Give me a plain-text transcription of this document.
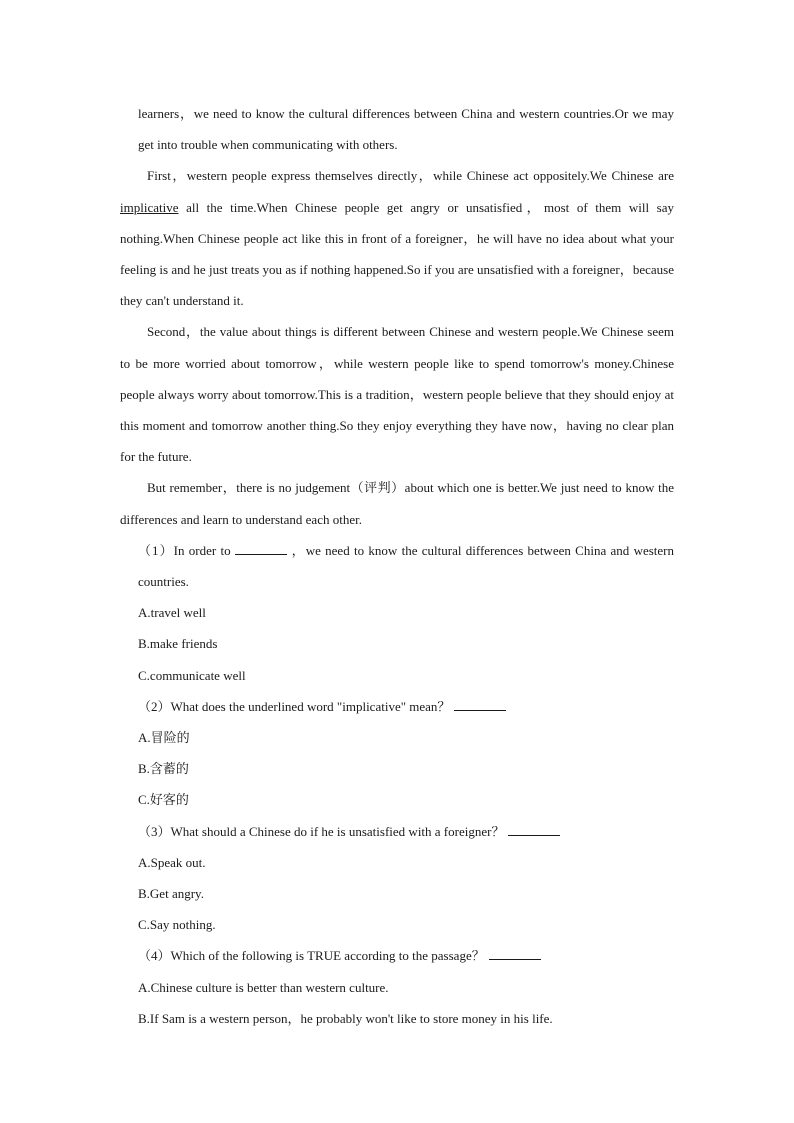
learners，we need to know the cultural differences between China and western countries.Or we may get into trouble when communicating with others.

First，western people express themselves directly，while Chinese act oppositely.We Chinese are implicative all the time.When Chinese people get angry or unsatisfied，most of them will say nothing.When Chinese people act like this in front of a foreigner，he will have no idea about what your feeling is and he just treats you as if nothing happened.So if you are unsatisfied with a foreigner，because they can't understand it.

Second，the value about things is different between Chinese and western people.We Chinese seem to be more worried about tomorrow，while western people like to spend tomorrow's money.Chinese people always worry about tomorrow.This is a tradition，western people believe that they should enjoy at this moment and tomorrow another thing.So they enjoy everything they have now，having no clear plan for the future.

But remember，there is no judgement（评判）about which one is better.We just need to know the differences and learn to understand each other.

（1）In order to	，we need to know the cultural differences between China and western countries.

A.travel well

B.make friends

C.communicate well

（2）What does the underlined word "implicative" mean？

A.冒险的

B.含蓄的

C.好客的

（3）What should a Chinese do if he is unsatisfied with a foreigner？

A.Speak out.

B.Get angry.

C.Say nothing.

（4）Which of the following is TRUE according to the passage？

A.Chinese culture is better than western culture.

B.If Sam is a western person，he probably won't like to store money in his life.
